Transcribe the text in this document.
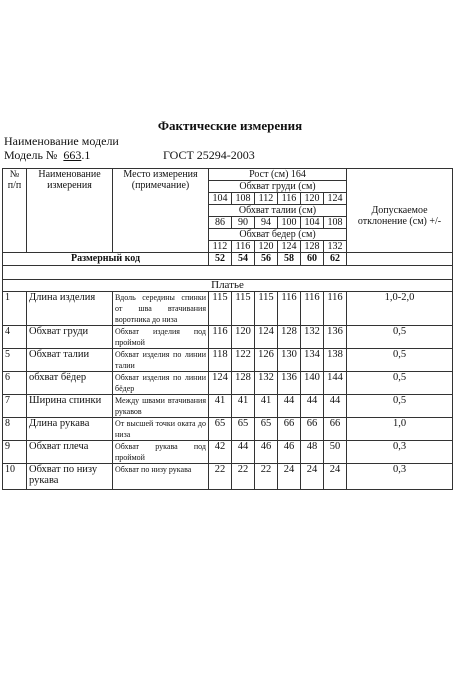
Фактические измерения
Наименование модели
Модель № 663.1	ГОСТ 25294-2003
№ п/п	Наименование измерения	Место измерения (примечание)	Рост (см) 164						
			Обхват груди (см)						Допускаемое отклонение (см) +/-
			104	108	112	116	120	124	
			Обхват талии (см)						
			86	90	94	100	104	108	
			Обхват бедер (см)						
			112	116	120	124	128	132	
Размерный код			52	54	56	58	60	62	

Платье									
1	Длина изделия	Вдоль середины спинки от шва втачивания воротника до низа	115	115	115	116	116	116	1,0-2,0
4	Обхват груди	Обхват изделия под проймой	116	120	124	128	132	136	0,5
5	Обхват талии	Обхват изделия по линии талии	118	122	126	130	134	138	0,5
6	обхват бёдер	Обхват изделия по линии бёдер	124	128	132	136	140	144	0,5
7	Ширина спинки	Между швами втачивания рукавов	41	41	41	44	44	44	0,5
8	Длина рукава	От высшей точки оката до низа	65	65	65	66	66	66	1,0
9	Обхват плеча	Обхват рукава под проймой	42	44	46	46	48	50	0,3
10	Обхват по низу рукава	Обхват по низу рукава	22	22	22	24	24	24	0,3
